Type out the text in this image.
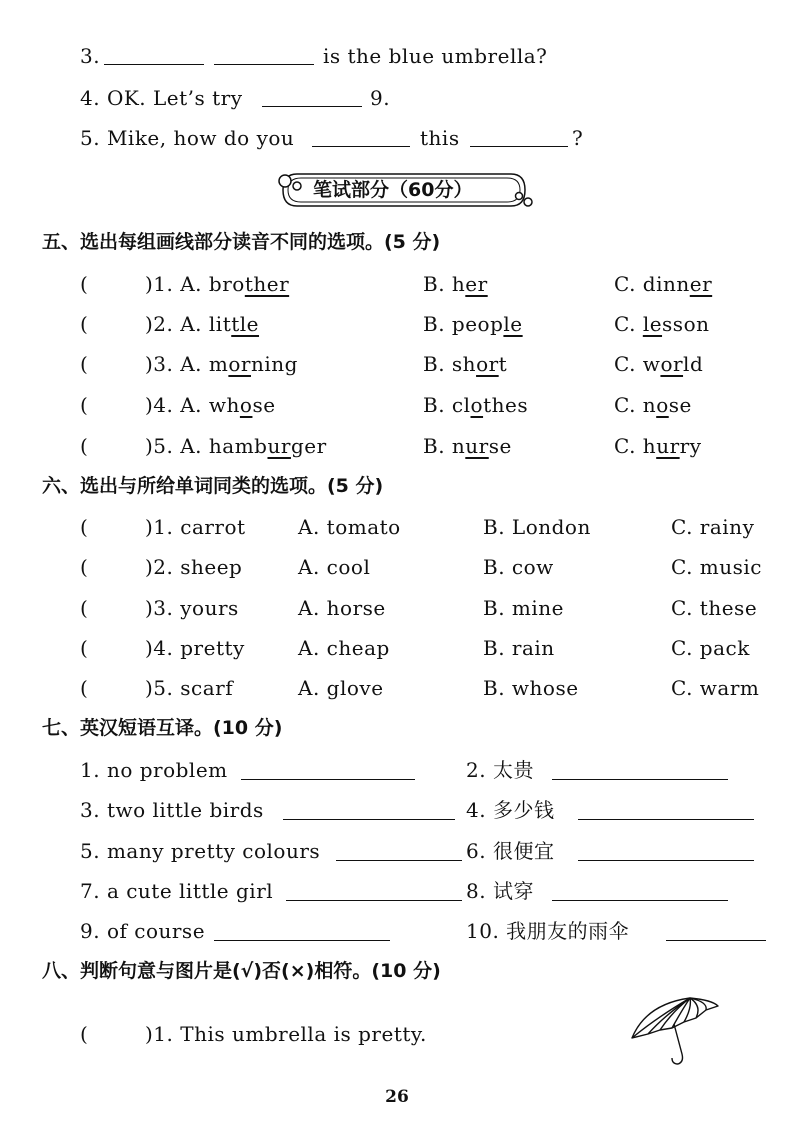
3.	is the blue umbrella?
4. OK. Let’s try	9.
5. Mike, how do you	this	?
笔试部分（60分）
五、选出每组画线部分读音不同的选项。(5 分)
(	)1. A. brother	B. her	C. dinner
(	)2. A. little	B. people	C. lesson
(	)3. A. morning	B. short	C. world
(	)4. A. whose	B. clothes	C. nose
(	)5. A. hamburger	B. nurse	C. hurry
六、选出与所给单词同类的选项。(5 分)
(	)1. carrot	A. tomato	B. London	C. rainy
(	)2. sheep	A. cool	B. cow	C. music
(	)3. yours	A. horse	B. mine	C. these
(	)4. pretty	A. cheap	B. rain	C. pack
(	)5. scarf	A. glove	B. whose	C. warm
七、英汉短语互译。(10 分)
1. no problem	2. 太贵
3. two little birds	4. 多少钱
5. many pretty colours	6. 很便宜
7. a cute little girl	8. 试穿
9. of course	10. 我朋友的雨伞
八、判断句意与图片是(√)否(×)相符。(10 分)
(	)1. This umbrella is pretty.
26
